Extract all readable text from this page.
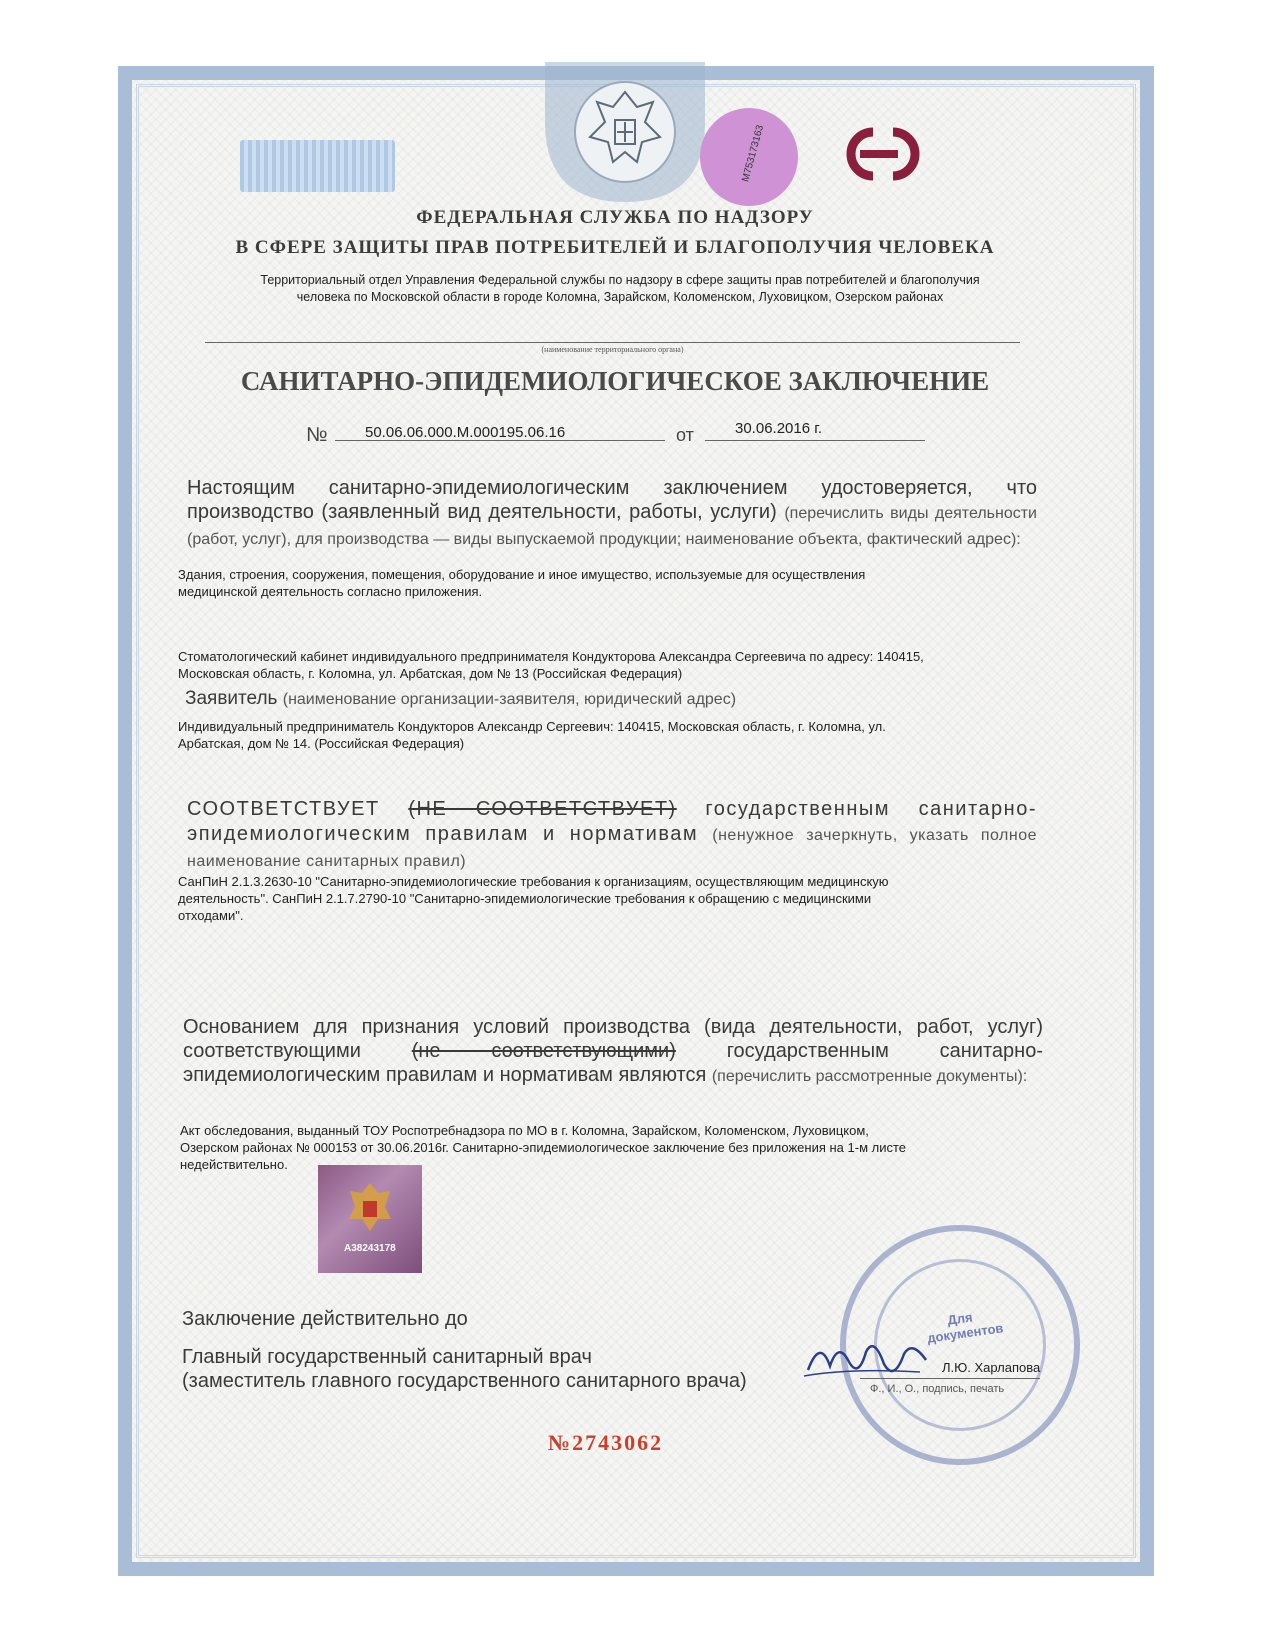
M753173163
ФЕДЕРАЛЬНАЯ СЛУЖБА ПО НАДЗОРУ
В СФЕРЕ ЗАЩИТЫ ПРАВ ПОТРЕБИТЕЛЕЙ И БЛАГОПОЛУЧИЯ ЧЕЛОВЕКА
Территориальный отдел Управления Федеральной службы по надзору в сфере защиты прав потребителей и благополучия
человека по Московской области в городе Коломна, Зарайском, Коломенском, Луховицком, Озерском районах
(наименование территориального органа)
САНИТАРНО-ЭПИДЕМИОЛОГИЧЕСКОЕ ЗАКЛЮЧЕНИЕ
№	50.06.06.000.M.000195.06.16	от	30.06.2016 г.
Настоящим санитарно-эпидемиологическим заключением удостоверяется, что производство (заявленный вид деятельности, работы, услуги) (перечислить виды деятельности (работ, услуг), для производства — виды выпускаемой продукции; наименование объекта, фактический адрес):
Здания, строения, сооружения, помещения, оборудование и иное имущество, используемые для осуществления
медицинской деятельность согласно приложения.
Стоматологический кабинет индивидуального предпринимателя Кондукторова Александра Сергеевича по адресу: 140415,
Московская область, г. Коломна, ул. Арбатская, дом № 13 (Российская Федерация)
Заявитель (наименование организации-заявителя, юридический адрес)
Индивидуальный предприниматель Кондукторов Александр Сергеевич: 140415, Московская область, г. Коломна, ул.
Арбатская, дом № 14. (Российская Федерация)
СООТВЕТСТВУЕТ (НЕ СООТВЕТСТВУЕТ) государственным санитарно-эпидемиологическим правилам и нормативам (ненужное зачеркнуть, указать полное наименование санитарных правил)
СанПиН 2.1.3.2630-10 "Санитарно-эпидемиологические требования к организациям, осуществляющим медицинскую
деятельность". СанПиН 2.1.7.2790-10 "Санитарно-эпидемиологические требования к обращению с медицинскими
отходами".
Основанием для признания условий производства (вида деятельности, работ, услуг) соответствующими	(не соответствующими)	государственным санитарно-эпидемиологическим правилам и нормативам являются (перечислить рассмотренные документы):
Акт обследования, выданный ТОУ Роспотребнадзора по МО в г. Коломна, Зарайском, Коломенском, Луховицком,
Озерском районах № 000153 от 30.06.2016г. Санитарно-эпидемиологическое заключение без приложения на 1-м листе
недействительно.
A38243178
Заключение действительно до
Главный государственный санитарный врач
(заместитель главного государственного санитарного врача)
Для документов
Л.Ю. Харлапова
Ф., И., О., подпись, печать
№2743062
